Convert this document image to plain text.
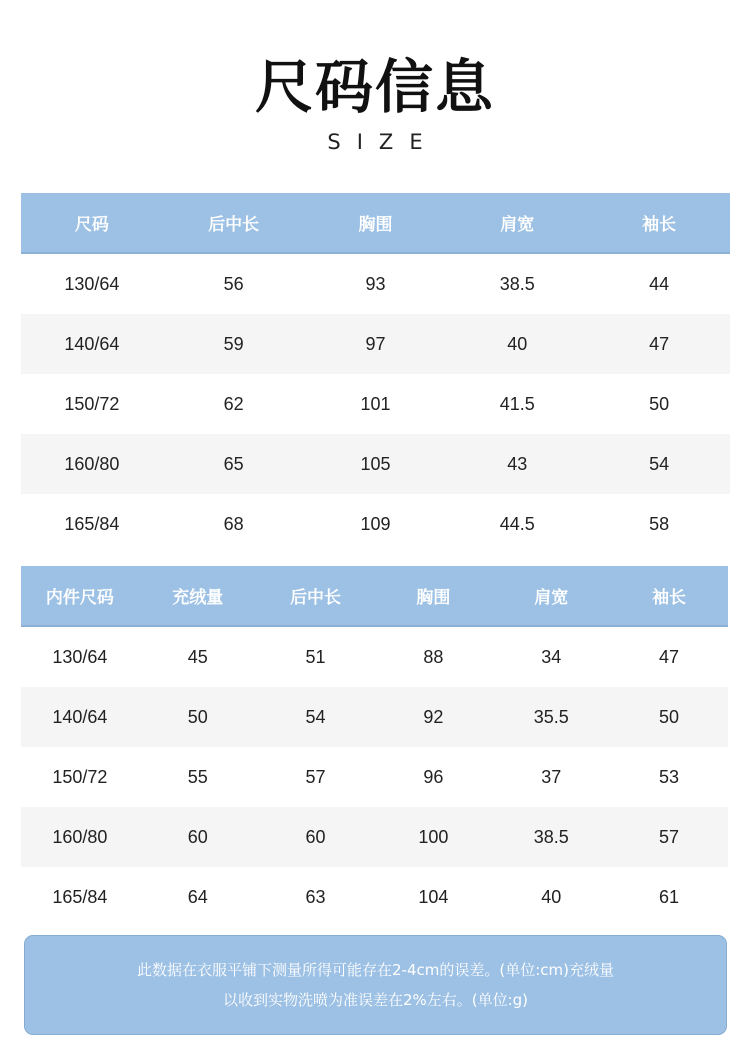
尺码信息
SIZE
尺码	后中长	胸围	肩宽	袖长
130/64	56	93	38.5	44
140/64	59	97	40	47
150/72	62	101	41.5	50
160/80	65	105	43	54
165/84	68	109	44.5	58
内件尺码	充绒量	后中长	胸围	肩宽	袖长
130/64	45	51	88	34	47
140/64	50	54	92	35.5	50
150/72	55	57	96	37	53
160/80	60	60	100	38.5	57
165/84	64	63	104	40	61
此数据在衣服平铺下测量所得可能存在2-4cm的误差。(单位:cm)充绒量
以收到实物洗喷为准误差在2%左右。(单位:g)
